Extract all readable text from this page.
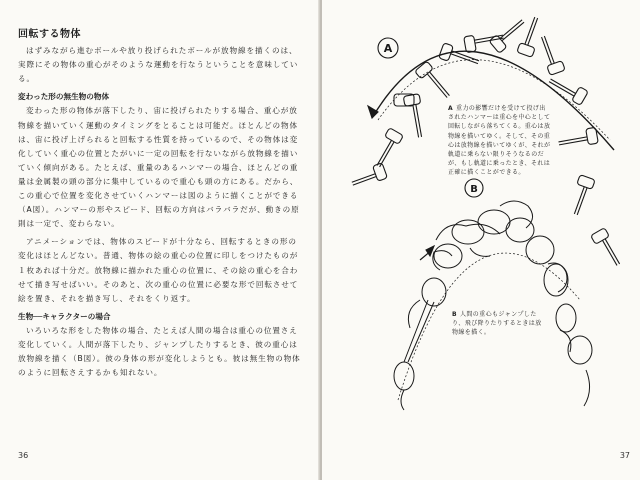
回転する物体

はずみながら進むボールや放り投げられたボールが放物線を描くのは、実際にその物体の重心がそのような運動を行なうということを意味している。

変わった形の無生物の物体

変わった形の物体が落下したり、宙に投げられたりする場合、重心が放物線を描いていく運動のタイミングをとることは可能だ。ほとんどの物体は、宙に投げ上げられると回転する性質を持っているので、その物体は変化していく重心の位置とたがいに一定の回転を行ないながら放物線を描いていく傾向がある。たとえば、重量のあるハンマーの場合、ほとんどの重量は金属製の頭の部分に集中しているので重心も頭の方にある。だから、この重心で位置を変化させていくハンマーは図のように描くことができる（A図）。ハンマーの形やスピード、回転の方向はバラバラだが、動きの原則は一定で、変わらない。

アニメーションでは、物体のスピードが十分なら、回転するときの形の変化はほとんどない。普通、物体の絵の重心の位置に印しをつけたものが１枚あれば十分だ。放物線に描かれた重心の位置に、その絵の重心を合わせて描き写せばいい。そのあと、次の重心の位置に必要な形で回転させて絵を置き、それを描き写し、それをくり返す。

生物──キャラクターの場合

いろいろな形をした物体の場合、たとえば人間の場合は重心の位置さえ変化していく。人間が落下したり、ジャンプしたりするとき、彼の重心は放物線を描く（B図）。彼の身体の形が変化しようとも。彼は無生物の物体のように回転さえするかも知れない。

36	37
A
B
A 重力の影響だけを受けて投げ出されたハンマーは重心を中心として回転しながら落ちてくる。重心は放物線を描いてゆく。そして、その重心は放物線を描いてゆくが、それが軌道に乗らない限りそうなるのだが、もし軌道に乗ったとき、それは正確に描くことができる。
B 人間の重心もジャンプしたり、飛び降りたりするときは放物線を描く。
